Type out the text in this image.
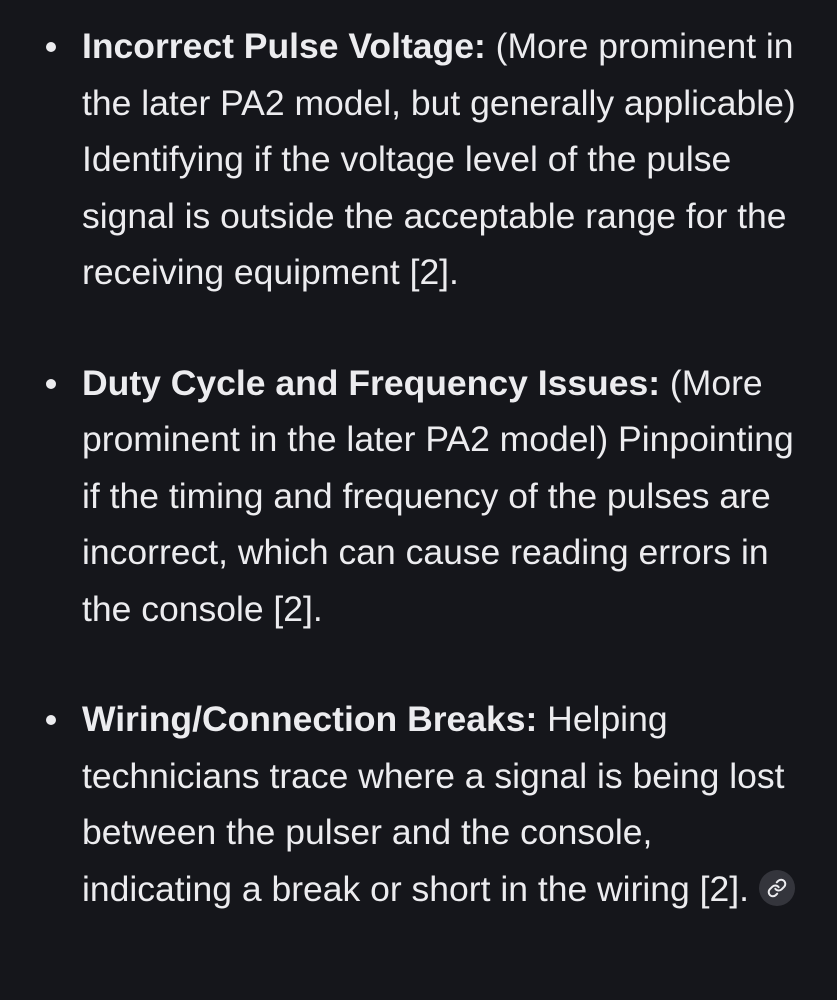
Incorrect Pulse Voltage: (More prominent in the later PA2 model, but generally applicable) Identifying if the voltage level of the pulse signal is outside the acceptable range for the receiving equipment [2].
Duty Cycle and Frequency Issues: (More prominent in the later PA2 model) Pinpointing if the timing and frequency of the pulses are incorrect, which can cause reading errors in the console [2].
Wiring/Connection Breaks: Helping technicians trace where a signal is being lost between the pulser and the console, indicating a break or short in the wiring [2].
